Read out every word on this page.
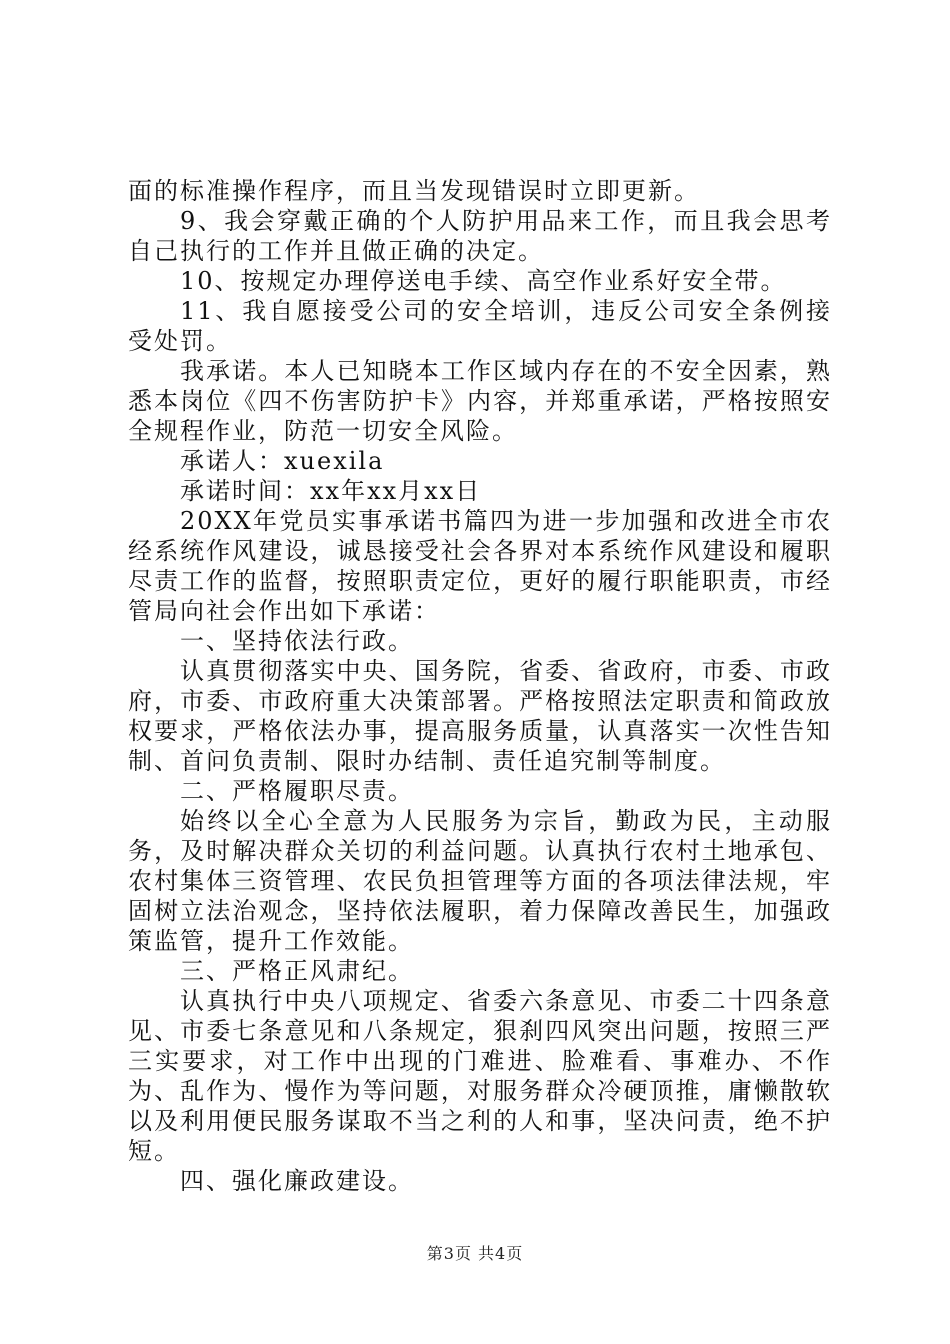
面的标准操作程序，而且当发现错误时立即更新。

9、我会穿戴正确的个人防护用品来工作，而且我会思考自己执行的工作并且做正确的决定。

10、按规定办理停送电手续、高空作业系好安全带。

11、我自愿接受公司的安全培训，违反公司安全条例接受处罚。

我承诺。本人已知晓本工作区域内存在的不安全因素，熟悉本岗位《四不伤害防护卡》内容，并郑重承诺，严格按照安全规程作业，防范一切安全风险。

承诺人：xuexila

承诺时间：xx年xx月xx日

20XX年党员实事承诺书篇四为进一步加强和改进全市农经系统作风建设，诚恳接受社会各界对本系统作风建设和履职尽责工作的监督，按照职责定位，更好的履行职能职责，市经管局向社会作出如下承诺：

一、坚持依法行政。

认真贯彻落实中央、国务院，省委、省政府，市委、市政府，市委、市政府重大决策部署。严格按照法定职责和简政放权要求，严格依法办事，提高服务质量，认真落实一次性告知制、首问负责制、限时办结制、责任追究制等制度。

二、严格履职尽责。

始终以全心全意为人民服务为宗旨，勤政为民，主动服务，及时解决群众关切的利益问题。认真执行农村土地承包、农村集体三资管理、农民负担管理等方面的各项法律法规，牢固树立法治观念，坚持依法履职，着力保障改善民生，加强政策监管，提升工作效能。

三、严格正风肃纪。

认真执行中央八项规定、省委六条意见、市委二十四条意见、市委七条意见和八条规定，狠刹四风突出问题，按照三严三实要求，对工作中出现的门难进、脸难看、事难办、不作为、乱作为、慢作为等问题，对服务群众冷硬顶推，庸懒散软以及利用便民服务谋取不当之利的人和事，坚决问责，绝不护短。

四、强化廉政建设。

第3页 共4页
